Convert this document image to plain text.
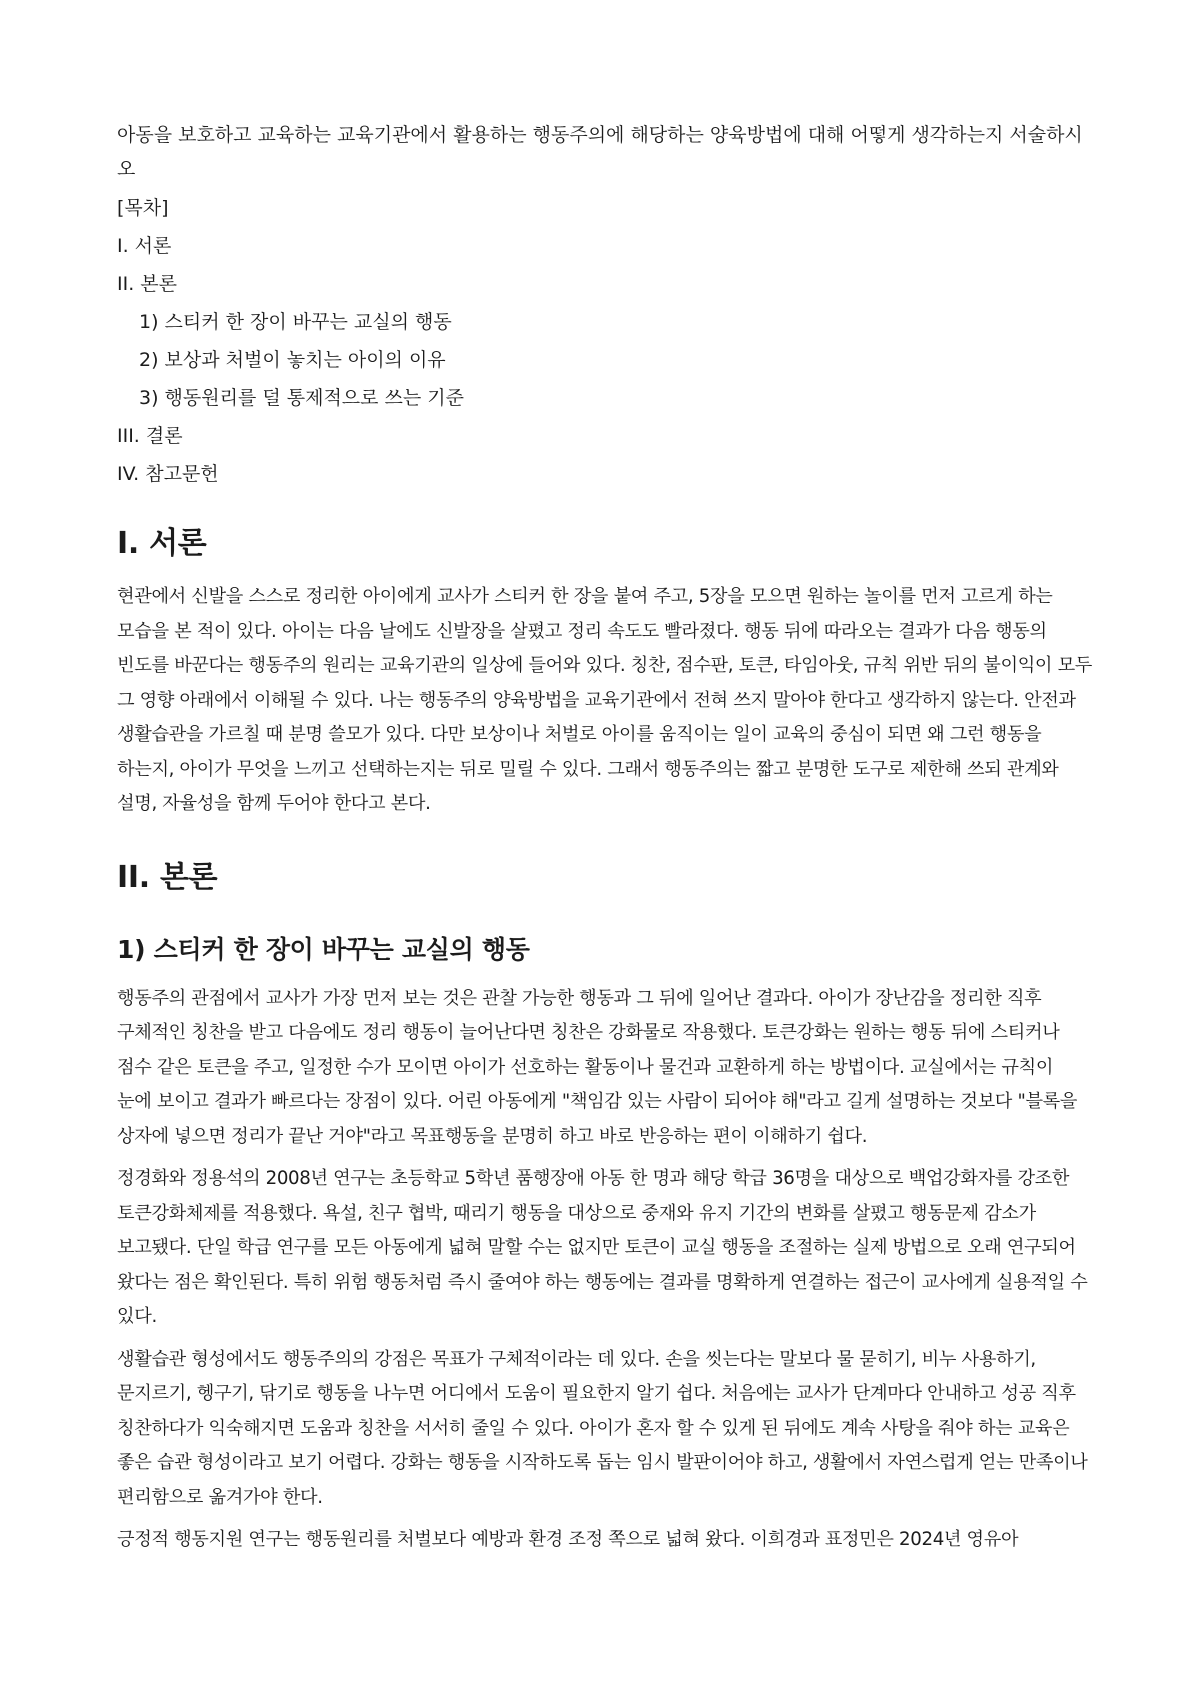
아동을 보호하고 교육하는 교육기관에서 활용하는 행동주의에 해당하는 양육방법에 대해 어떻게 생각하는지 서술하시오

[목차]
I. 서론
II. 본론
1) 스티커 한 장이 바꾸는 교실의 행동
2) 보상과 처벌이 놓치는 아이의 이유
3) 행동원리를 덜 통제적으로 쓰는 기준
III. 결론
IV. 참고문헌
I. 서론

현관에서 신발을 스스로 정리한 아이에게 교사가 스티커 한 장을 붙여 주고, 5장을 모으면 원하는 놀이를 먼저 고르게 하는 모습을 본 적이 있다. 아이는 다음 날에도 신발장을 살폈고 정리 속도도 빨라졌다. 행동 뒤에 따라오는 결과가 다음 행동의 빈도를 바꾼다는 행동주의 원리는 교육기관의 일상에 들어와 있다. 칭찬, 점수판, 토큰, 타임아웃, 규칙 위반 뒤의 불이익이 모두 그 영향 아래에서 이해될 수 있다. 나는 행동주의 양육방법을 교육기관에서 전혀 쓰지 말아야 한다고 생각하지 않는다. 안전과 생활습관을 가르칠 때 분명 쓸모가 있다. 다만 보상이나 처벌로 아이를 움직이는 일이 교육의 중심이 되면 왜 그런 행동을 하는지, 아이가 무엇을 느끼고 선택하는지는 뒤로 밀릴 수 있다. 그래서 행동주의는 짧고 분명한 도구로 제한해 쓰되 관계와 설명, 자율성을 함께 두어야 한다고 본다.

II. 본론
1) 스티커 한 장이 바꾸는 교실의 행동

행동주의 관점에서 교사가 가장 먼저 보는 것은 관찰 가능한 행동과 그 뒤에 일어난 결과다. 아이가 장난감을 정리한 직후 구체적인 칭찬을 받고 다음에도 정리 행동이 늘어난다면 칭찬은 강화물로 작용했다. 토큰강화는 원하는 행동 뒤에 스티커나 점수 같은 토큰을 주고, 일정한 수가 모이면 아이가 선호하는 활동이나 물건과 교환하게 하는 방법이다. 교실에서는 규칙이 눈에 보이고 결과가 빠르다는 장점이 있다. 어린 아동에게 "책임감 있는 사람이 되어야 해"라고 길게 설명하는 것보다 "블록을 상자에 넣으면 정리가 끝난 거야"라고 목표행동을 분명히 하고 바로 반응하는 편이 이해하기 쉽다.

정경화와 정용석의 2008년 연구는 초등학교 5학년 품행장애 아동 한 명과 해당 학급 36명을 대상으로 백업강화자를 강조한 토큰강화체제를 적용했다. 욕설, 친구 협박, 때리기 행동을 대상으로 중재와 유지 기간의 변화를 살폈고 행동문제 감소가 보고됐다. 단일 학급 연구를 모든 아동에게 넓혀 말할 수는 없지만 토큰이 교실 행동을 조절하는 실제 방법으로 오래 연구되어 왔다는 점은 확인된다. 특히 위험 행동처럼 즉시 줄여야 하는 행동에는 결과를 명확하게 연결하는 접근이 교사에게 실용적일 수 있다.

생활습관 형성에서도 행동주의의 강점은 목표가 구체적이라는 데 있다. 손을 씻는다는 말보다 물 묻히기, 비누 사용하기, 문지르기, 헹구기, 닦기로 행동을 나누면 어디에서 도움이 필요한지 알기 쉽다. 처음에는 교사가 단계마다 안내하고 성공 직후 칭찬하다가 익숙해지면 도움과 칭찬을 서서히 줄일 수 있다. 아이가 혼자 할 수 있게 된 뒤에도 계속 사탕을 줘야 하는 교육은 좋은 습관 형성이라고 보기 어렵다. 강화는 행동을 시작하도록 돕는 임시 발판이어야 하고, 생활에서 자연스럽게 얻는 만족이나 편리함으로 옮겨가야 한다.

긍정적 행동지원 연구는 행동원리를 처벌보다 예방과 환경 조정 쪽으로 넓혀 왔다. 이희경과 표정민은 2024년 영유아
